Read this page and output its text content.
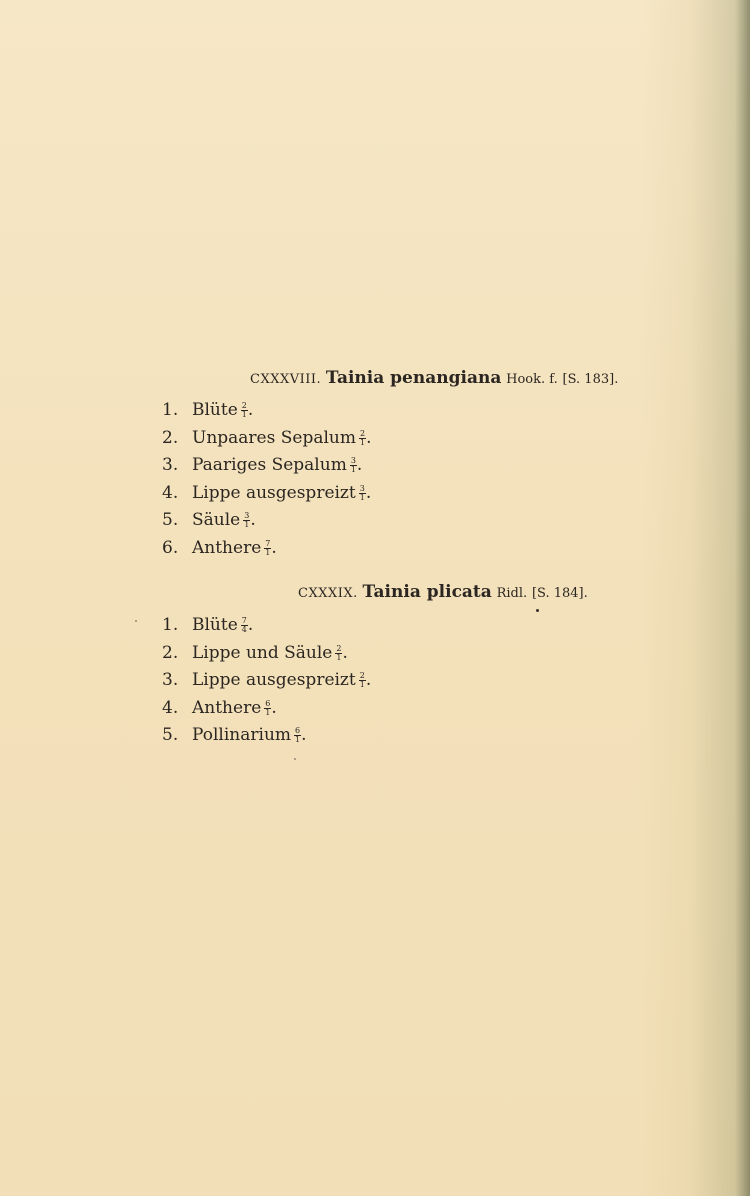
CXXXVIII. Tainia penangiana Hook. f. [S. 183].
1. Blüte $\frac{2}{1}$ .
2. Unpaares Sepalum $\frac{2}{1}$ .
3. Paariges Sepalum $\frac{3}{1}$ .
4. Lippe ausgespreizt $\frac{3}{1}$ .
5. Säule $\frac{3}{1}$ .
6. Anthere $\frac{7}{1}$ .
CXXXIX. Tainia plicata Ridl. [S. 184].
1. Blüte $\frac{7}{4}$ .
2. Lippe und Säule $\frac{2}{1}$ .
3. Lippe ausgespreizt $\frac{2}{1}$ .
4. Anthere $\frac{6}{1}$ .
5. Pollinarium $\frac{6}{1}$ .
